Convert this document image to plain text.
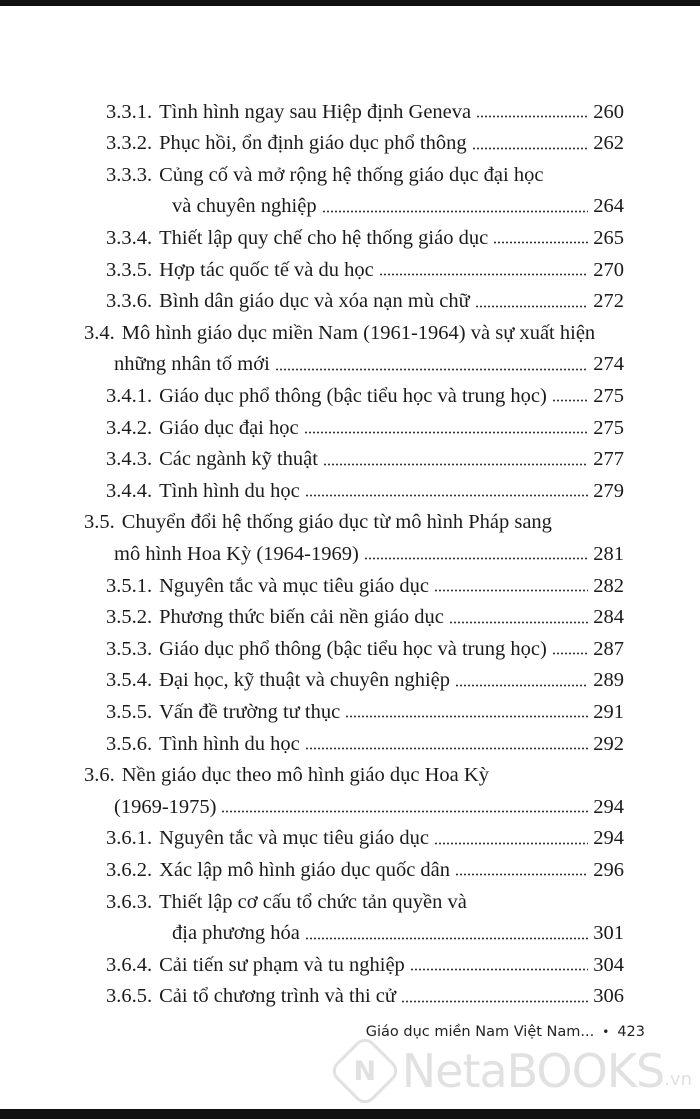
3.3.1. Tình hình ngay sau Hiệp định Geneva	260
3.3.2. Phục hồi, ổn định giáo dục phổ thông	262
3.3.3. Củng cố và mở rộng hệ thống giáo dục đại học
và chuyên nghiệp	264
3.3.4. Thiết lập quy chế cho hệ thống giáo dục	265
3.3.5. Hợp tác quốc tế và du học	270
3.3.6. Bình dân giáo dục và xóa nạn mù chữ	272
3.4. Mô hình giáo dục miền Nam (1961-1964) và sự xuất hiện
những nhân tố mới	274
3.4.1. Giáo dục phổ thông (bậc tiểu học và trung học) 275
3.4.2. Giáo dục đại học	275
3.4.3. Các ngành kỹ thuật	277
3.4.4. Tình hình du học	279
3.5. Chuyển đổi hệ thống giáo dục từ mô hình Pháp sang
mô hình Hoa Kỳ (1964-1969)	281
3.5.1. Nguyên tắc và mục tiêu giáo dục	282
3.5.2. Phương thức biến cải nền giáo dục	284
3.5.3. Giáo dục phổ thông (bậc tiểu học và trung học) 287
3.5.4. Đại học, kỹ thuật và chuyên nghiệp	289
3.5.5. Vấn đề trường tư thục	291
3.5.6. Tình hình du học	292
3.6. Nền giáo dục theo mô hình giáo dục Hoa Kỳ
(1969-1975)	294
3.6.1. Nguyên tắc và mục tiêu giáo dục	294
3.6.2. Xác lập mô hình giáo dục quốc dân	296
3.6.3. Thiết lập cơ cấu tổ chức tản quyền và
địa phương hóa	301
3.6.4. Cải tiến sư phạm và tu nghiệp	304
3.6.5. Cải tổ chương trình và thi cử	306
Giáo dục miền Nam Việt Nam... • 423
N NetaBOOKS .vn
